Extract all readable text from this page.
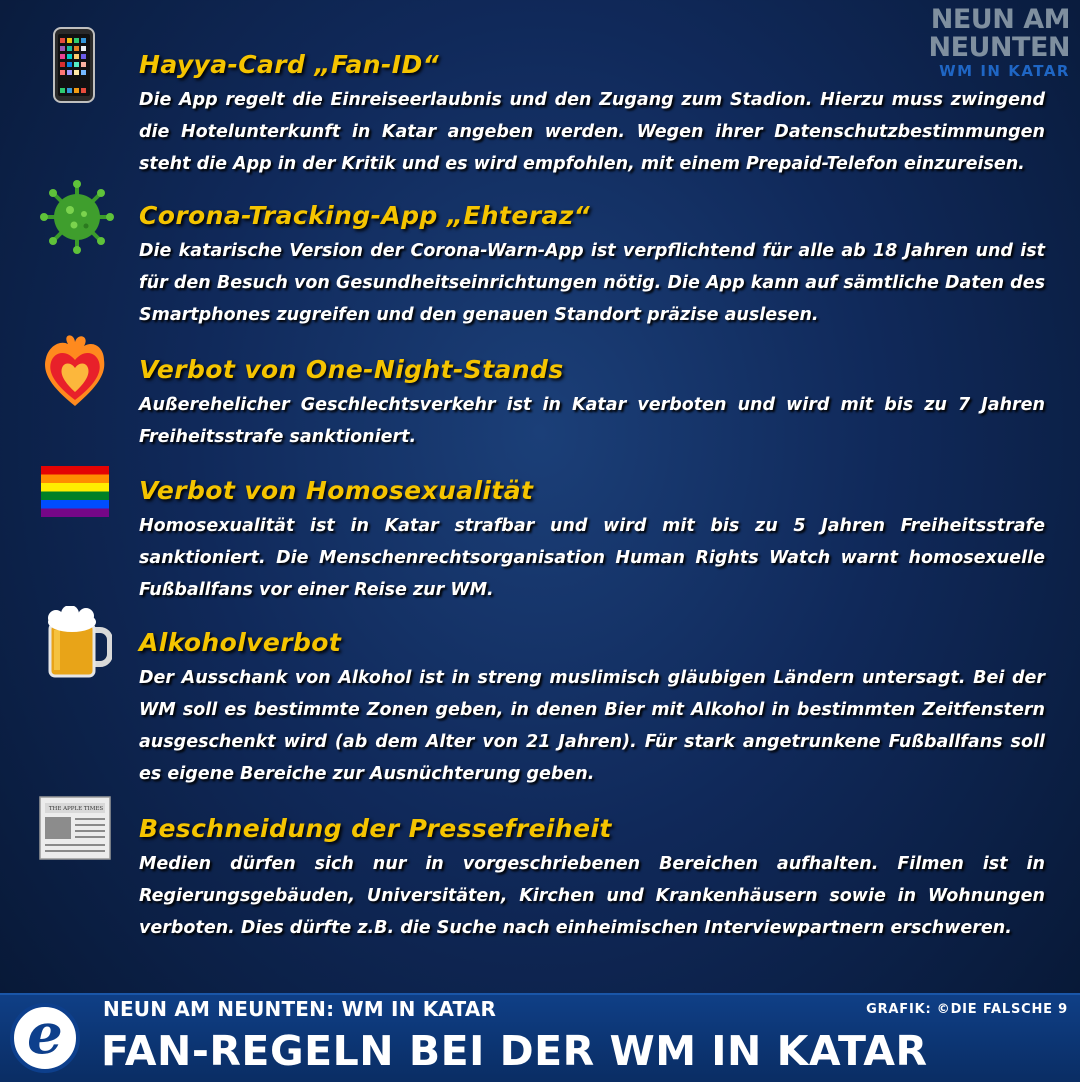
NEUN AM
NEUNTEN
WM IN KATAR
Hayya-Card „Fan-ID“
Die App regelt die Einreiseerlaubnis und den Zugang zum Stadion. Hierzu muss zwingend die Hotelunterkunft in Katar angeben werden. Wegen ihrer Datenschutzbestimmungen steht die App in der Kritik und es wird empfohlen, mit einem Prepaid-Telefon einzureisen.
Corona-Tracking-App „Ehteraz“
Die katarische Version der Corona-Warn-App ist verpflichtend für alle ab 18 Jahren und ist für den Besuch von Gesundheitseinrichtungen nötig. Die App kann auf sämtliche Daten des Smartphones zugreifen und den genauen Standort präzise auslesen.
Verbot von One-Night-Stands
Außerehelicher Geschlechtsverkehr ist in Katar verboten und wird mit bis zu 7 Jahren Freiheitsstrafe sanktioniert.
Verbot von Homosexualität
Homosexualität ist in Katar strafbar und wird mit bis zu 5 Jahren Freiheitsstrafe sanktioniert. Die Menschenrechtsorganisation Human Rights Watch warnt homosexuelle Fußballfans vor einer Reise zur WM.
Alkoholverbot
Der Ausschank von Alkohol ist in streng muslimisch gläubigen Ländern untersagt. Bei der WM soll es bestimmte Zonen geben, in denen Bier mit Alkohol in bestimmten Zeitfenstern ausgeschenkt wird (ab dem Alter von 21 Jahren). Für stark angetrunkene Fußballfans soll es eigene Bereiche zur Ausnüchterung geben.
THE APPLE TIMES
Beschneidung der Pressefreiheit
Medien dürfen sich nur in vorgeschriebenen Bereichen aufhalten. Filmen ist in Regierungsgebäuden, Universitäten, Kirchen und Krankenhäusern sowie in Wohnungen verboten. Dies dürfte z.B. die Suche nach einheimischen Interviewpartnern erschweren.
e	NEUN AM NEUNTEN: WM IN KATAR	GRAFIK: ©DIE FALSCHE 9
FAN-REGELN BEI DER WM IN KATAR
